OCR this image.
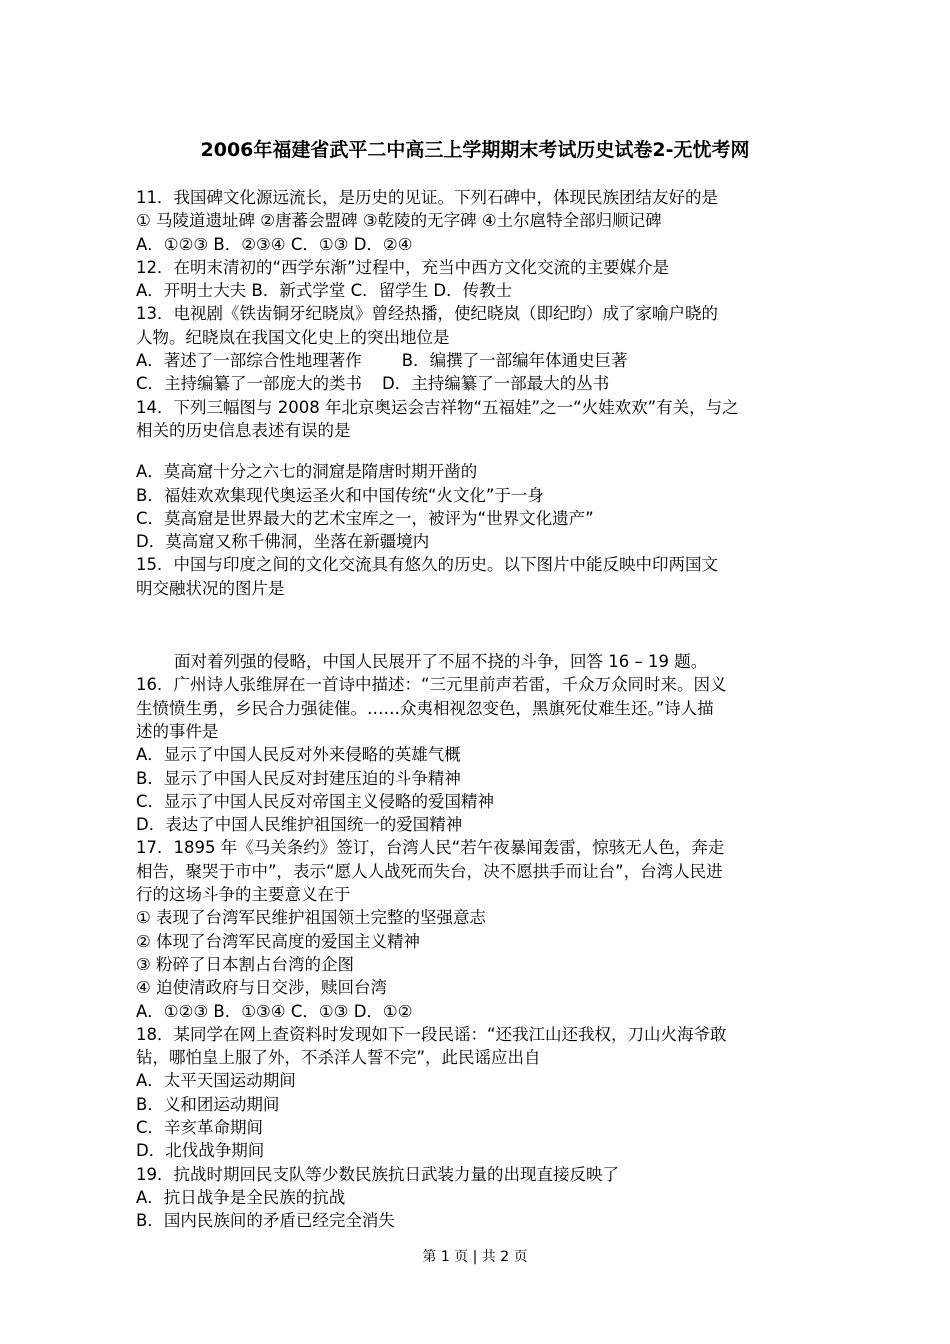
2006年福建省武平二中高三上学期期末考试历史试卷2-无忧考网
11．我国碑文化源远流长，是历史的见证。下列石碑中，体现民族团结友好的是
① 马陵道遗址碑 ②唐蕃会盟碑 ③乾陵的无字碑 ④土尔扈特全部归顺记碑
A．①②③ B．②③④ C．①③ D．②④
12．在明末清初的“西学东渐”过程中，充当中西方文化交流的主要媒介是
A．开明士大夫 B．新式学堂 C．留学生 D．传教士
13．电视剧《铁齿铜牙纪晓岚》曾经热播，使纪晓岚（即纪昀）成了家喻户晓的
人物。纪晓岚在我国文化史上的突出地位是
A．著述了一部综合性地理著作 B．编撰了一部编年体通史巨著
C．主持编纂了一部庞大的类书 D．主持编纂了一部最大的丛书
14．下列三幅图与 2008 年北京奥运会吉祥物“五福娃”之一“火娃欢欢”有关，与之
相关的历史信息表述有误的是
A．莫高窟十分之六七的洞窟是隋唐时期开凿的
B．福娃欢欢集现代奥运圣火和中国传统“火文化”于一身
C．莫高窟是世界最大的艺术宝库之一，被评为“世界文化遗产”
D．莫高窟又称千佛洞，坐落在新疆境内
15．中国与印度之间的文化交流具有悠久的历史。以下图片中能反映中印两国文
明交融状况的图片是
面对着列强的侵略，中国人民展开了不屈不挠的斗争，回答 16 – 19 题。
16．广州诗人张维屏在一首诗中描述：“三元里前声若雷，千众万众同时来。因义
生愤愤生勇，乡民合力强徒催。……众夷相视忽变色，黑旗死仗难生还。”诗人描
述的事件是
A．显示了中国人民反对外来侵略的英雄气概
B．显示了中国人民反对封建压迫的斗争精神
C．显示了中国人民反对帝国主义侵略的爱国精神
D．表达了中国人民维护祖国统一的爱国精神
17．1895 年《马关条约》签订，台湾人民“若午夜暴闻轰雷，惊骇无人色，奔走
相告，聚哭于市中”，表示“愿人人战死而失台，决不愿拱手而让台”，台湾人民进
行的这场斗争的主要意义在于
① 表现了台湾军民维护祖国领土完整的坚强意志
② 体现了台湾军民高度的爱国主义精神
③ 粉碎了日本割占台湾的企图
④ 迫使清政府与日交涉，赎回台湾
A．①②③ B．①③④ C．①③ D．①②
18．某同学在网上查资料时发现如下一段民谣：“还我江山还我权，刀山火海爷敢
钻，哪怕皇上服了外，不杀洋人誓不完”，此民谣应出自
A．太平天国运动期间
B．义和团运动期间
C．辛亥革命期间
D．北伐战争期间
19．抗战时期回民支队等少数民族抗日武装力量的出现直接反映了
A．抗日战争是全民族的抗战
B．国内民族间的矛盾已经完全消失
第 1 页 | 共 2 页
